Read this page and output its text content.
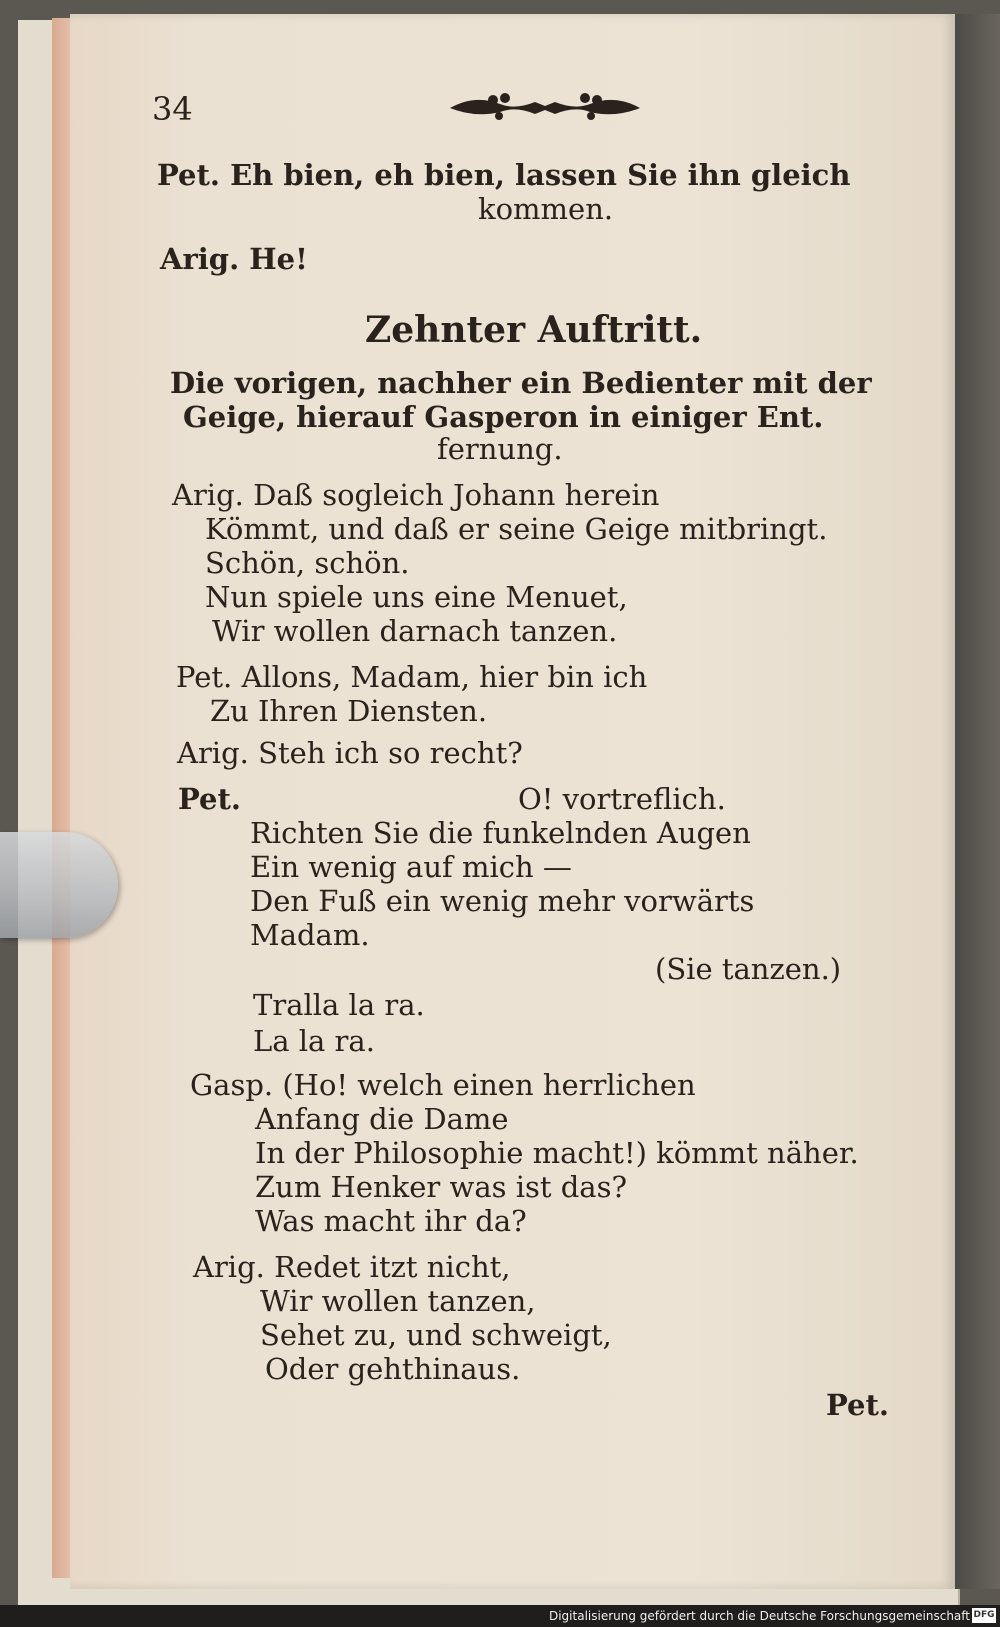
34
Pet. Eh bien, eh bien, lassen Sie ihn gleich
kommen.
Arig. He!
Zehnter Auftritt.
Die vorigen, nachher ein Bedienter mit der
Geige, hierauf Gasperon in einiger Ent.
fernung.
Arig. Daß sogleich Johann herein
Kömmt, und daß er seine Geige mitbringt.
Schön, schön.
Nun spiele uns eine Menuet,
Wir wollen darnach tanzen.
Pet. Allons, Madam, hier bin ich
Zu Ihren Diensten.
Arig. Steh ich so recht?
Pet.	O! vortreflich.
Richten Sie die funkelnden Augen
Ein wenig auf mich —
Den Fuß ein wenig mehr vorwärts
Madam.
(Sie tanzen.)
Tralla la ra.
La la ra.
Gasp. (Ho! welch einen herrlichen
Anfang die Dame
In der Philosophie macht!) kömmt näher.
Zum Henker was ist das?
Was macht ihr da?
Arig. Redet itzt nicht,
Wir wollen tanzen,
Sehet zu, und schweigt,
Oder gehthinaus.
Pet.
Digitalisierung gefördert durch die Deutsche Forschungsgemeinschaft DFG
